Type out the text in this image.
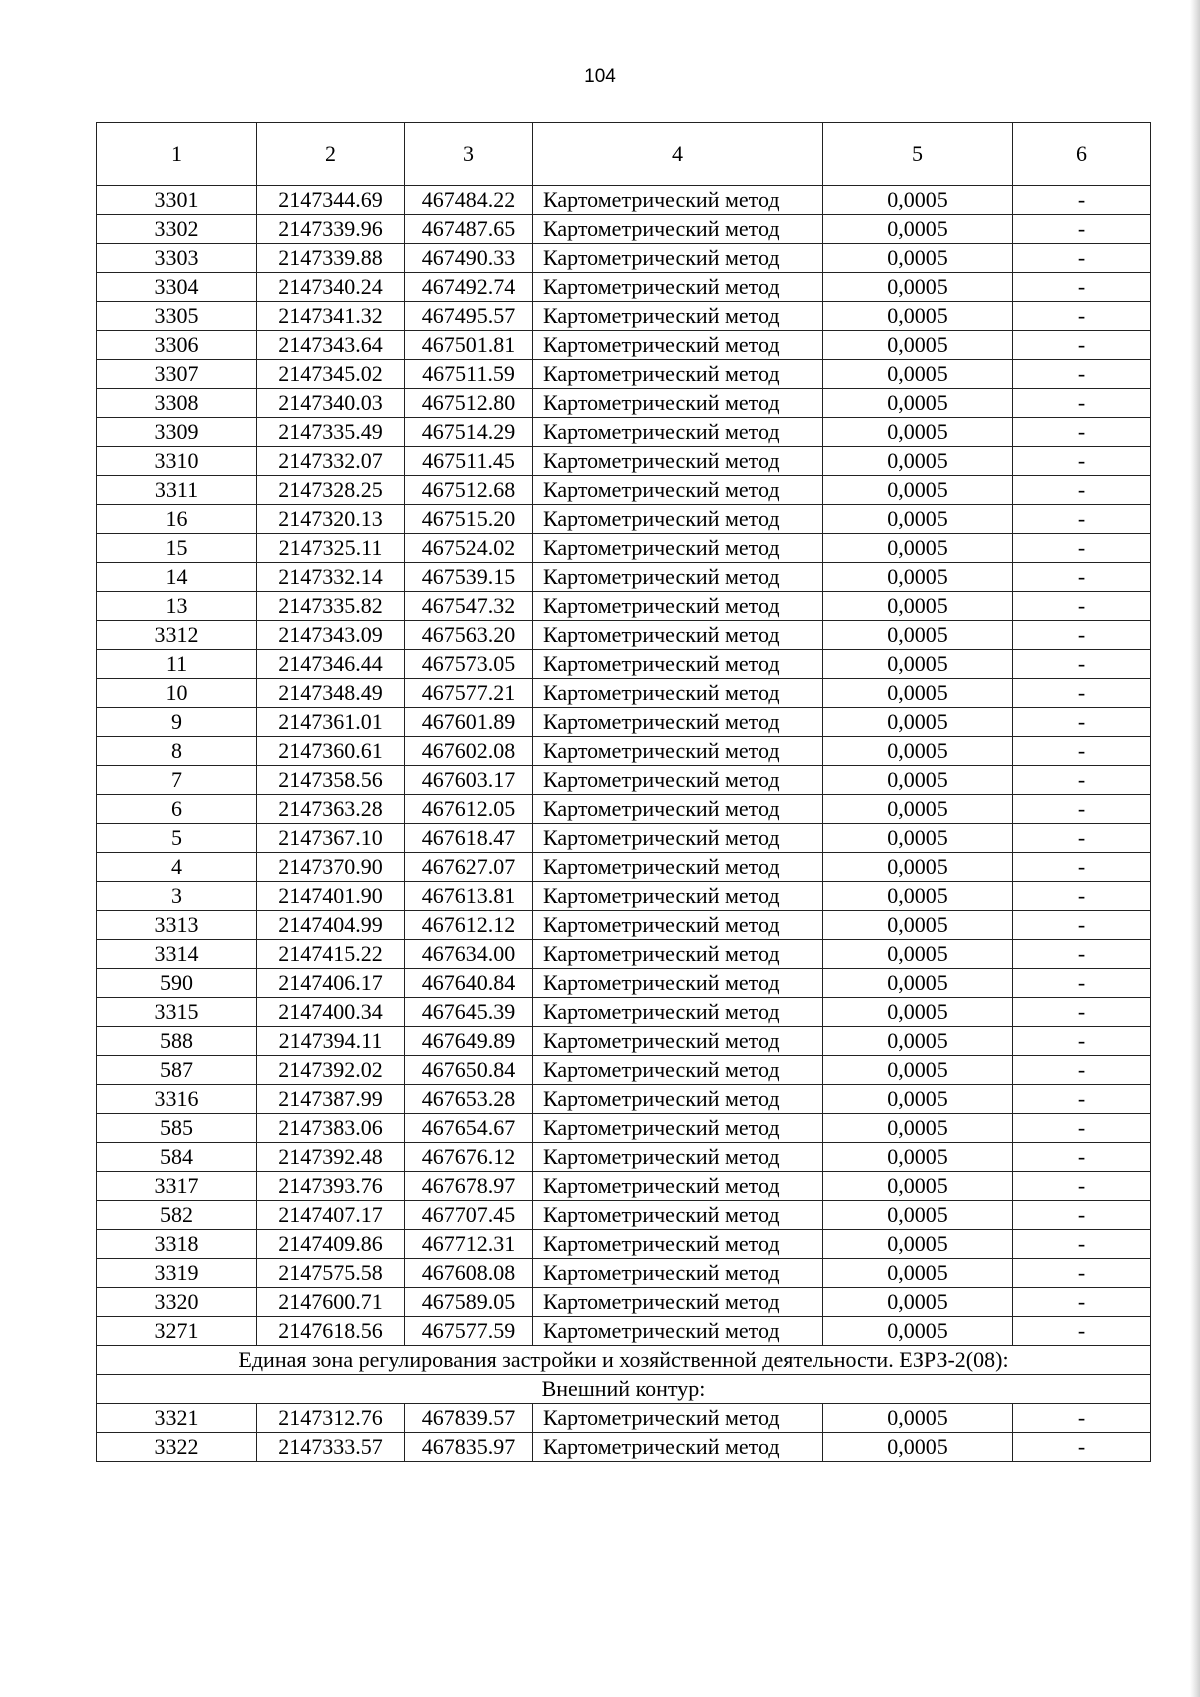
104
1	2	3	4	5	6
3301	2147344.69	467484.22	Картометрический метод	0,0005	-
3302	2147339.96	467487.65	Картометрический метод	0,0005	-
3303	2147339.88	467490.33	Картометрический метод	0,0005	-
3304	2147340.24	467492.74	Картометрический метод	0,0005	-
3305	2147341.32	467495.57	Картометрический метод	0,0005	-
3306	2147343.64	467501.81	Картометрический метод	0,0005	-
3307	2147345.02	467511.59	Картометрический метод	0,0005	-
3308	2147340.03	467512.80	Картометрический метод	0,0005	-
3309	2147335.49	467514.29	Картометрический метод	0,0005	-
3310	2147332.07	467511.45	Картометрический метод	0,0005	-
3311	2147328.25	467512.68	Картометрический метод	0,0005	-
16	2147320.13	467515.20	Картометрический метод	0,0005	-
15	2147325.11	467524.02	Картометрический метод	0,0005	-
14	2147332.14	467539.15	Картометрический метод	0,0005	-
13	2147335.82	467547.32	Картометрический метод	0,0005	-
3312	2147343.09	467563.20	Картометрический метод	0,0005	-
11	2147346.44	467573.05	Картометрический метод	0,0005	-
10	2147348.49	467577.21	Картометрический метод	0,0005	-
9	2147361.01	467601.89	Картометрический метод	0,0005	-
8	2147360.61	467602.08	Картометрический метод	0,0005	-
7	2147358.56	467603.17	Картометрический метод	0,0005	-
6	2147363.28	467612.05	Картометрический метод	0,0005	-
5	2147367.10	467618.47	Картометрический метод	0,0005	-
4	2147370.90	467627.07	Картометрический метод	0,0005	-
3	2147401.90	467613.81	Картометрический метод	0,0005	-
3313	2147404.99	467612.12	Картометрический метод	0,0005	-
3314	2147415.22	467634.00	Картометрический метод	0,0005	-
590	2147406.17	467640.84	Картометрический метод	0,0005	-
3315	2147400.34	467645.39	Картометрический метод	0,0005	-
588	2147394.11	467649.89	Картометрический метод	0,0005	-
587	2147392.02	467650.84	Картометрический метод	0,0005	-
3316	2147387.99	467653.28	Картометрический метод	0,0005	-
585	2147383.06	467654.67	Картометрический метод	0,0005	-
584	2147392.48	467676.12	Картометрический метод	0,0005	-
3317	2147393.76	467678.97	Картометрический метод	0,0005	-
582	2147407.17	467707.45	Картометрический метод	0,0005	-
3318	2147409.86	467712.31	Картометрический метод	0,0005	-
3319	2147575.58	467608.08	Картометрический метод	0,0005	-
3320	2147600.71	467589.05	Картометрический метод	0,0005	-
3271	2147618.56	467577.59	Картометрический метод	0,0005	-
Единая зона регулирования застройки и хозяйственной деятельности. ЕЗРЗ-2(08):					
Внешний контур:					
3321	2147312.76	467839.57	Картометрический метод	0,0005	-
3322	2147333.57	467835.97	Картометрический метод	0,0005	-
